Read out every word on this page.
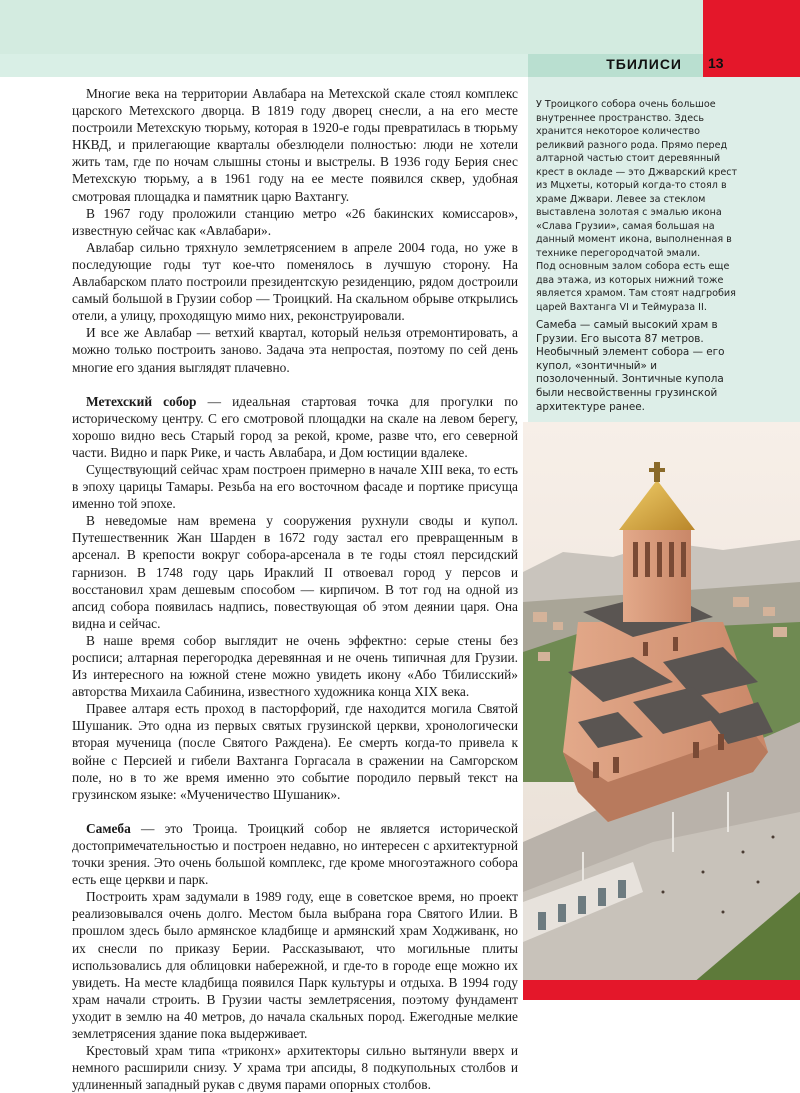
ТБИЛИСИ 13

Многие века на территории Авлабара на Метехской скале стоял комплекс царского Метехского дворца. В 1819 году дворец снесли, а на его месте построили Метехскую тюрьму, которая в 1920-е годы превратилась в тюрьму НКВД, и прилегающие кварталы обезлюдели полностью: люди не хотели жить там, где по ночам слышны стоны и выстрелы. В 1936 году Берия снес Метехскую тюрьму, а в 1961 году на ее месте появился сквер, удобная смотровая площадка и памятник царю Вахтангу.

В 1967 году проложили станцию метро «26 бакинских комиссаров», известную сейчас как «Авлабари».

Авлабар сильно тряхнуло землетрясением в апреле 2004 года, но уже в последующие годы тут кое-что поменялось в лучшую сторону. На Авлабарском плато построили президентскую резиденцию, рядом достроили самый большой в Грузии собор — Троицкий. На скальном обрыве открылись отели, а улицу, проходящую мимо них, реконструировали.

И все же Авлабар — ветхий квартал, который нельзя отремонтировать, а можно только построить заново. Задача эта непростая, поэтому по сей день многие его здания выглядят плачевно.

Метехский собор — идеальная стартовая точка для прогулки по историческому центру. С его смотровой площадки на скале на левом берегу, хорошо видно весь Старый город за рекой, кроме, разве что, его северной части. Видно и парк Рике, и часть Авлабара, и Дом юстиции вдалеке.

Существующий сейчас храм построен примерно в начале XIII века, то есть в эпоху царицы Тамары. Резьба на его восточном фасаде и портике присуща именно той эпохе.

В неведомые нам времена у сооружения рухнули своды и купол. Путешественник Жан Шарден в 1672 году застал его превращенным в арсенал. В крепости вокруг собора-арсенала в те годы стоял персидский гарнизон. В 1748 году царь Ираклий II отвоевал город у персов и восстановил храм дешевым способом — кирпичом. В тот год на одной из апсид собора появилась надпись, повествующая об этом деянии царя. Она видна и сейчас.

В наше время собор выглядит не очень эффектно: серые стены без росписи; алтарная перегородка деревянная и не очень типичная для Грузии. Из интересного на южной стене можно увидеть икону «Або Тбилисский» авторства Михаила Сабинина, известного художника конца XIX века.

Правее алтаря есть проход в пасторфорий, где находится могила Святой Шушаник. Это одна из первых святых грузинской церкви, хронологически вторая мученица (после Святого Раждена). Ее смерть когда-то привела к войне с Персией и гибели Вахтанга Горгасала в сражении на Самгорском поле, но в то же время именно это событие породило первый текст на грузинском языке: «Мученичество Шушаник».

Самеба — это Троица. Троицкий собор не является исторической достопримечательностью и построен недавно, но интересен с архитектурной точки зрения. Это очень большой комплекс, где кроме многоэтажного собора есть еще церкви и парк.

Построить храм задумали в 1989 году, еще в советское время, но проект реализовывался очень долго. Местом была выбрана гора Святого Илии. В прошлом здесь было армянское кладбище и армянский храм Ходживанк, но их снесли по приказу Берии. Рассказывают, что могильные плиты использовались для облицовки набережной, и где-то в городе еще можно их увидеть. На месте кладбища появился Парк культуры и отдыха. В 1994 году храм начали строить. В Грузии часты землетрясения, поэтому фундамент уходит в землю на 40 метров, до начала скальных пород. Ежегодные мелкие землетрясения здание пока выдерживает.

Крестовый храм типа «триконх» архитекторы сильно вытянули вверх и немного расширили снизу. У храма три апсиды, 8 подкупольных столбов и удлиненный западный рукав с двумя парами опорных столбов.

У Троицкого собора очень большое внутреннее пространство. Здесь хранится некоторое количество реликвий разного рода. Прямо перед алтарной частью стоит деревянный крест в окладе — это Джварский крест из Мцхеты, который когда-то стоял в храме Джвари. Левее за стеклом выставлена золотая с эмалью икона «Слава Грузии», самая большая на данный момент икона, выполненная в технике перегородчатой эмали.
Под основным залом собора есть еще два этажа, из которых нижний тоже является храмом. Там стоят надгробия царей Вахтанга VI и Теймураза II.
Самеба — самый высокий храм в Грузии. Его высота 87 метров. Необычный элемент собора — его купол, «зонтичный» и позолоченный. Зонтичные купола были несвойственны грузинской архитектуре ранее.
